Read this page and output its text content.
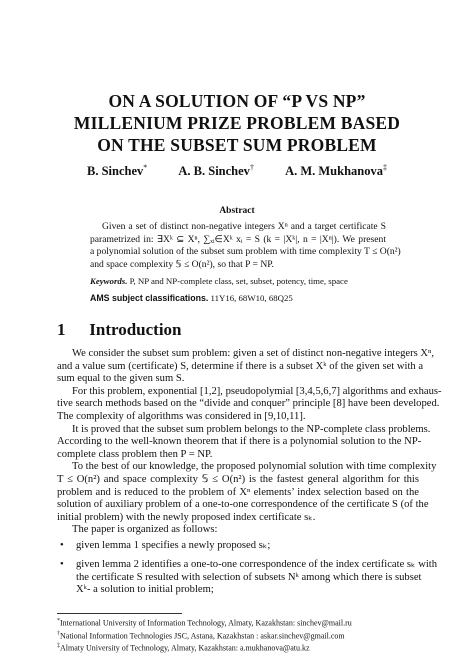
ON A SOLUTION OF “P VS NP”
MILLENIUM PRIZE PROBLEM BASED
ON THE SUBSET SUM PROBLEM
B. Sinchev* A. B. Sinchev† A. M. Mukhanova‡
Abstract
Given a set of distinct non-negative integers Xⁿ and a target certificate S
parametrized in: ∃Xᵏ ⊆ Xⁿ, ∑ₓᵢ∈Xᵏ xᵢ = S (k = |Xᵏ|, n = |Xⁿ|). We present
a polynomial solution of the subset sum problem with time complexity T ≤ O(n²)
and space complexity 𝕊 ≤ O(n²), so that P = NP.
Keywords. P, NP and NP-complete class, set, subset, potency, time, space
AMS subject classifications. 11Y16, 68W10, 68Q25
1 Introduction
We consider the subset sum problem: given a set of distinct non-negative integers Xⁿ,
and a value sum (certificate) S, determine if there is a subset Xᵏ of the given set with a
sum equal to the given sum S.
For this problem, exponential [1,2], pseudopolymial [3,4,5,6,7] algorithms and exhaus-
tive search methods based on the “divide and conquer” principle [8] have been developed.
The complexity of algorithms was considered in [9,10,11].
It is proved that the subset sum problem belongs to the NP-complete class problems.
According to the well-known theorem that if there is a polynomial solution to the NP-
complete class problem then P = NP.
To the best of our knowledge, the proposed polynomial solution with time complexity
T ≤ O(n²) and space complexity 𝕊 ≤ O(n²) is the fastest general algorithm for this
problem and is reduced to the problem of Xⁿ elements’ index selection based on the
solution of auxiliary problem of a one-to-one correspondence of the certificate S (of the
initial problem) with the newly proposed index certificate sₖ.
The paper is organized as follows:
• given lemma 1 specifies a newly proposed sₖ;
• given lemma 2 identifies a one-to-one correspondence of the index certificate sₖ with
the certificate S resulted with selection of subsets Nᵏ among which there is subset
Xᵏ- a solution to initial problem;
*International University of Information Technology, Almaty, Kazakhstan: sinchev@mail.ru
†National Information Technologies JSC, Astana, Kazakhstan : askar.sinchev@gmail.com
‡Almaty University of Technology, Almaty, Kazakhstan: a.mukhanova@atu.kz
